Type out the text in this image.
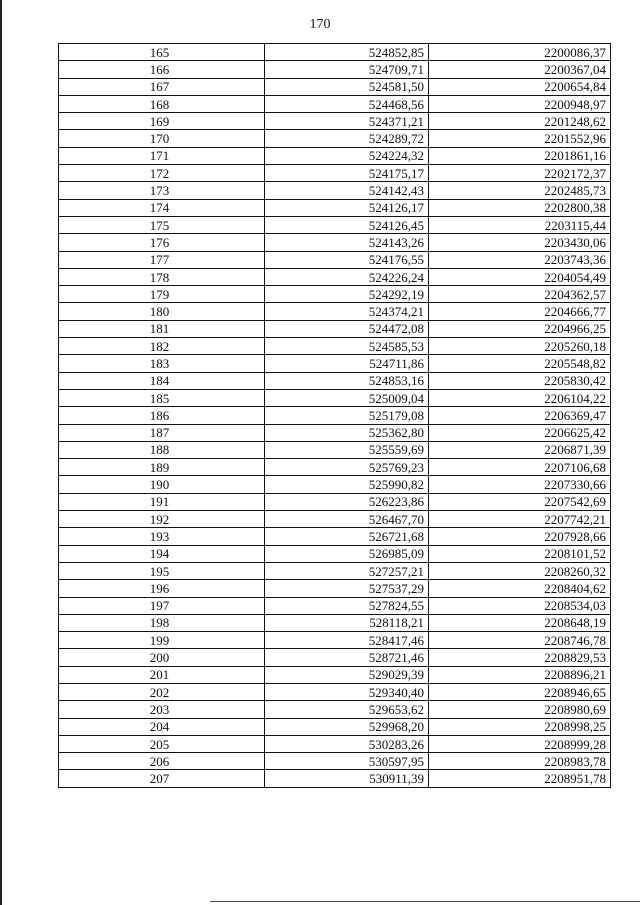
170
165	524852,85	2200086,37
166	524709,71	2200367,04
167	524581,50	2200654,84
168	524468,56	2200948,97
169	524371,21	2201248,62
170	524289,72	2201552,96
171	524224,32	2201861,16
172	524175,17	2202172,37
173	524142,43	2202485,73
174	524126,17	2202800,38
175	524126,45	2203115,44
176	524143,26	2203430,06
177	524176,55	2203743,36
178	524226,24	2204054,49
179	524292,19	2204362,57
180	524374,21	2204666,77
181	524472,08	2204966,25
182	524585,53	2205260,18
183	524711,86	2205548,82
184	524853,16	2205830,42
185	525009,04	2206104,22
186	525179,08	2206369,47
187	525362,80	2206625,42
188	525559,69	2206871,39
189	525769,23	2207106,68
190	525990,82	2207330,66
191	526223,86	2207542,69
192	526467,70	2207742,21
193	526721,68	2207928,66
194	526985,09	2208101,52
195	527257,21	2208260,32
196	527537,29	2208404,62
197	527824,55	2208534,03
198	528118,21	2208648,19
199	528417,46	2208746,78
200	528721,46	2208829,53
201	529029,39	2208896,21
202	529340,40	2208946,65
203	529653,62	2208980,69
204	529968,20	2208998,25
205	530283,26	2208999,28
206	530597,95	2208983,78
207	530911,39	2208951,78
